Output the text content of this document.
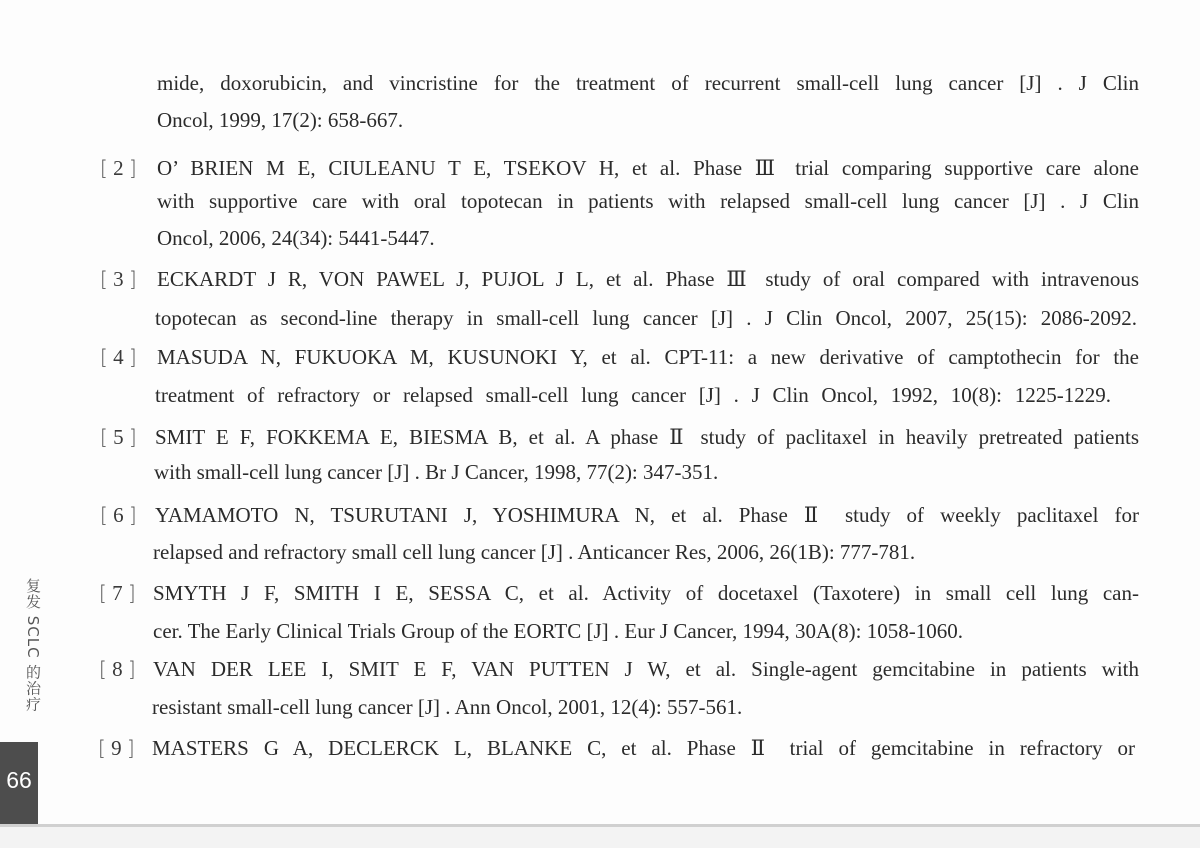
mide, doxorubicin, and vincristine for the treatment of recurrent small-cell lung cancer [J] . J Clin
Oncol, 1999, 17(2): 658-667.
[ 2 ] O’ BRIEN M E, CIULEANU T E, TSEKOV H, et al. Phase Ⅲ trial comparing supportive care alone
with supportive care with oral topotecan in patients with relapsed small-cell lung cancer [J] . J Clin
Oncol, 2006, 24(34): 5441-5447.
[ 3 ] ECKARDT J R, VON PAWEL J, PUJOL J L, et al. Phase Ⅲ study of oral compared with intravenous
topotecan as second-line therapy in small-cell lung cancer [J] . J Clin Oncol, 2007, 25(15): 2086-2092.
[ 4 ] MASUDA N, FUKUOKA M, KUSUNOKI Y, et al. CPT-11: a new derivative of camptothecin for the
treatment of refractory or relapsed small-cell lung cancer [J] . J Clin Oncol, 1992, 10(8): 1225-1229.
[ 5 ] SMIT E F, FOKKEMA E, BIESMA B, et al. A phase Ⅱ study of paclitaxel in heavily pretreated patients
with small-cell lung cancer [J] . Br J Cancer, 1998, 77(2): 347-351.
[ 6 ] YAMAMOTO N, TSURUTANI J, YOSHIMURA N, et al. Phase Ⅱ study of weekly paclitaxel for
relapsed and refractory small cell lung cancer [J] . Anticancer Res, 2006, 26(1B): 777-781.
[ 7 ] SMYTH J F, SMITH I E, SESSA C, et al. Activity of docetaxel (Taxotere) in small cell lung can-
cer. The Early Clinical Trials Group of the EORTC [J] . Eur J Cancer, 1994, 30A(8): 1058-1060.
[ 8 ] VAN DER LEE I, SMIT E F, VAN PUTTEN J W, et al. Single-agent gemcitabine in patients with
resistant small-cell lung cancer [J] . Ann Oncol, 2001, 12(4): 557-561.
[ 9 ] MASTERS G A, DECLERCK L, BLANKE C, et al. Phase Ⅱ trial of gemcitabine in refractory or
复发 SCLC 的治疗
66
